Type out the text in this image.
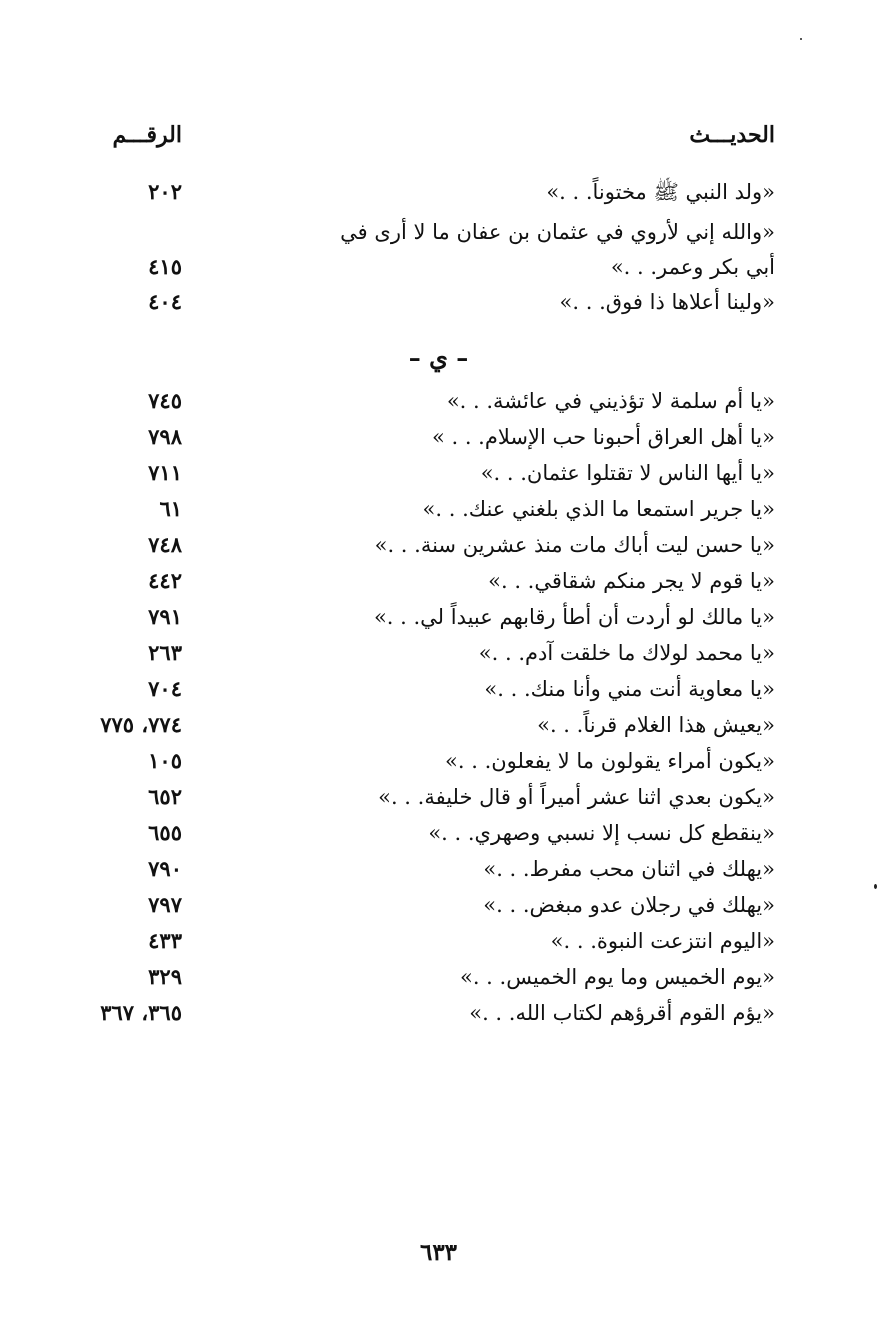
الحديـــث
الرقـــم
«ولد النبي ﷺ مختوناً. . .»
٢٠٢
«والله إني لأروي في عثمان بن عفان ما لا أرى في
أبي بكر وعمر. . .»
٤١٥
«ولينا أعلاها ذا فوق. . .»
٤٠٤
– ي –
«يا أم سلمة لا تؤذيني في عائشة. . .»
٧٤٥
«يا أهل العراق أحبونا حب الإسلام. . . »
٧٩٨
«يا أيها الناس لا تقتلوا عثمان. . .»
٧١١
«يا جرير استمعا ما الذي بلغني عنك. . .»
٦١
«يا حسن ليت أباك مات منذ عشرين سنة. . .»
٧٤٨
«يا قوم لا يجر منكم شقاقي. . .»
٤٤٢
«يا مالك لو أردت أن أطأ رقابهم عبيداً لي. . .»
٧٩١
«يا محمد لولاك ما خلقت آدم. . .»
٢٦٣
«يا معاوية أنت مني وأنا منك. . .»
٧٠٤
«يعيش هذا الغلام قرناً. . .»
٧٧٤، ٧٧٥
«يكون أمراء يقولون ما لا يفعلون. . .»
١٠٥
«يكون بعدي اثنا عشر أميراً أو قال خليفة. . .»
٦٥٢
«ينقطع كل نسب إلا نسبي وصهري. . .»
٦٥٥
«يهلك في اثنان محب مفرط. . .»
٧٩٠
«يهلك في رجلان عدو مبغض. . .»
٧٩٧
«اليوم انتزعت النبوة. . .»
٤٣٣
«يوم الخميس وما يوم الخميس. . .»
٣٢٩
«يؤم القوم أقرؤهم لكتاب الله. . .»
٣٦٥، ٣٦٧
٦٣٣
